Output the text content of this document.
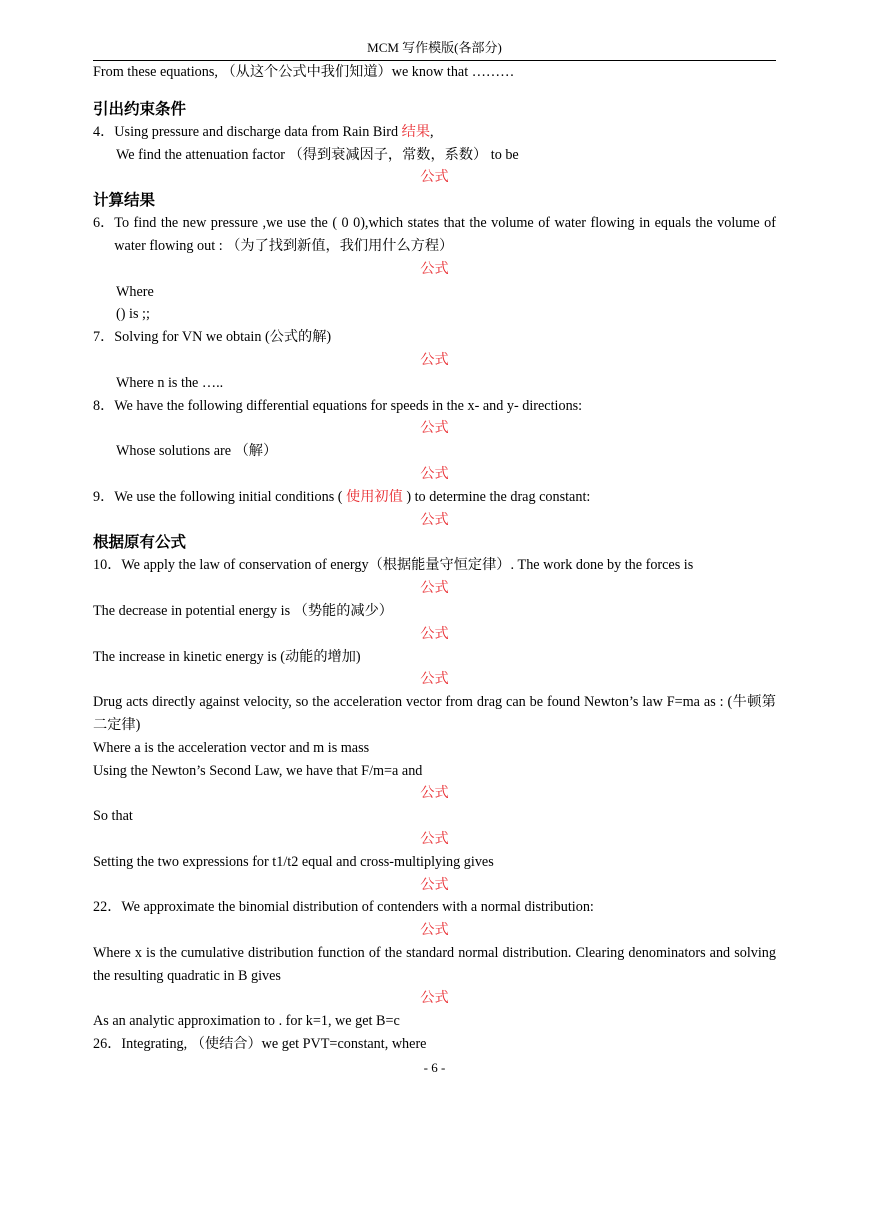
MCM 写作模版(各部分)

From these equations, （从这个公式中我们知道）we know that ………

引出约束条件
4． Using pressure and discharge data from Rain Bird 结果,

We find the attenuation factor （得到衰减因子，常数，系数） to be

公式

计算结果
6． To find the new pressure ,we use the ( 0 0),which states that the volume of water flowing in equals the volume of water flowing out : （为了找到新值，我们用什么方程）

公式

Where

() is ;;

7． Solving for VN we obtain (公式的解)

公式

Where n is the …..

8． We have the following differential equations for speeds in the x- and y- directions:

公式

Whose solutions are （解）

公式

9． We use the following initial conditions ( 使用初值 ) to determine the drag constant:

公式

根据原有公式
10． We apply the law of conservation of energy（根据能量守恒定律）. The work done by the forces is

公式

The decrease in potential energy is （势能的减少）

公式

The increase in kinetic energy is (动能的增加)

公式

Drug acts directly against velocity, so the acceleration vector from drag can be found Newton’s law F=ma as : (牛顿第二定律)

Where a is the acceleration vector and m is mass

Using the Newton’s Second Law, we have that F/m=a and

公式

So that

公式

Setting the two expressions for t1/t2 equal and cross-multiplying gives

公式

22． We approximate the binomial distribution of contenders with a normal distribution:

公式

Where x is the cumulative distribution function of the standard normal distribution. Clearing denominators and solving the resulting quadratic in B gives

公式

As an analytic approximation to . for k=1, we get B=c

26． Integrating, （使结合）we get PVT=constant, where
- 6 -
